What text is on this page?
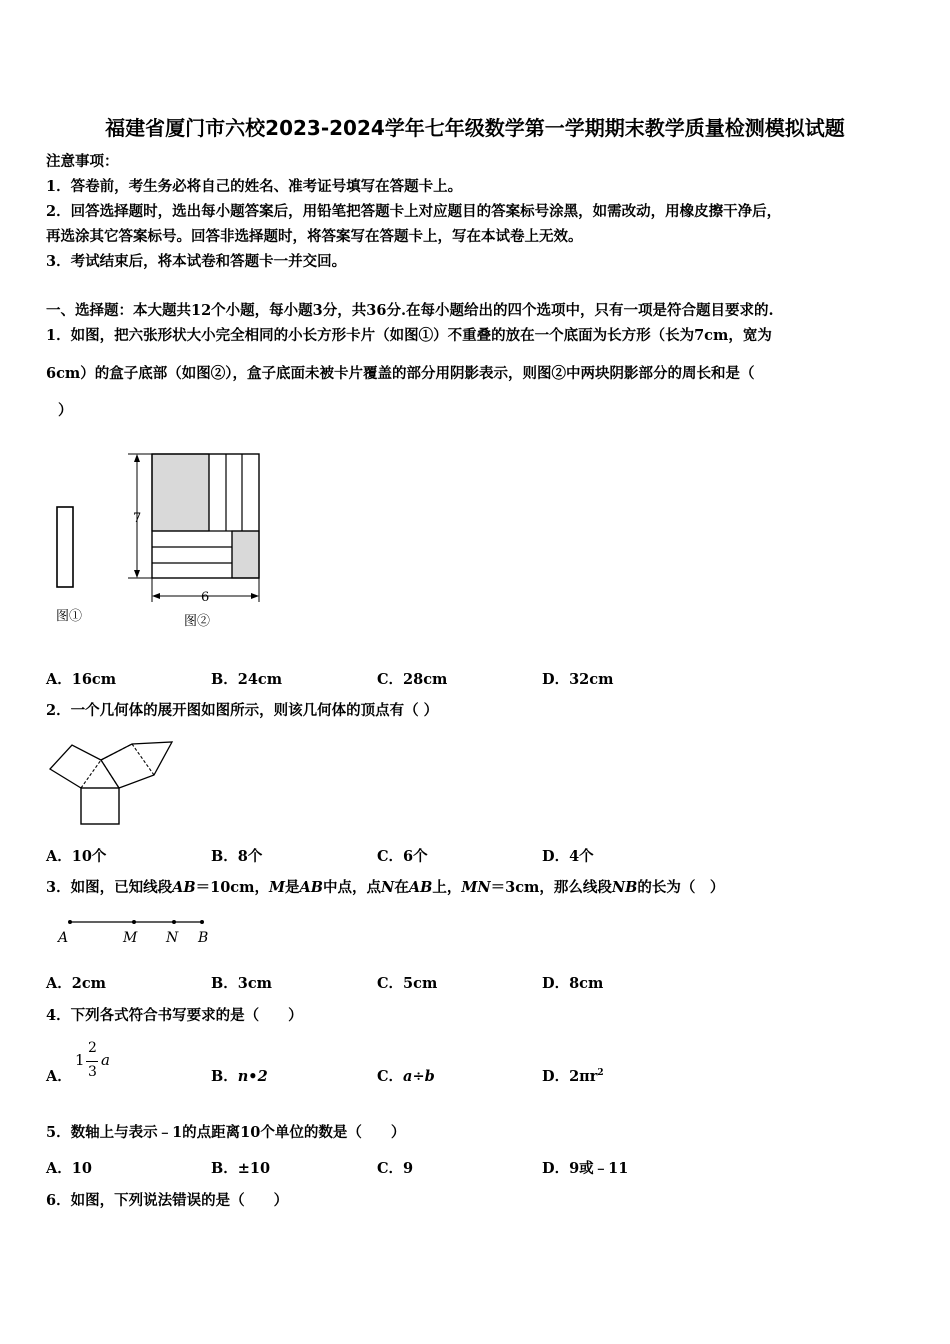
福建省厦门市六校2023-2024学年七年级数学第一学期期末教学质量检测模拟试题
注意事项：
1．答卷前，考生务必将自己的姓名、准考证号填写在答题卡上。
2．回答选择题时，选出每小题答案后，用铅笔把答题卡上对应题目的答案标号涂黑，如需改动，用橡皮擦干净后，
再选涂其它答案标号。回答非选择题时，将答案写在答题卡上，写在本试卷上无效。
3．考试结束后，将本试卷和答题卡一并交回。
一、选择题：本大题共12个小题，每小题3分，共36分.在每小题给出的四个选项中，只有一项是符合题目要求的.
1．如图，把六张形状大小完全相同的小长方形卡片（如图①）不重叠的放在一个底面为长方形（长为7cm，宽为
6cm）的盒子底部（如图②），盒子底面未被卡片覆盖的部分用阴影表示，则图②中两块阴影部分的周长和是（
）
7
6
图①	图②
A．16cm	B．24cm	C．28cm	D．32cm
2．一个几何体的展开图如图所示，则该几何体的顶点有（ ）
A．10个	B．8个	C．6个	D．4个
3．如图，已知线段AB＝10cm，M是AB中点，点N在AB上，MN＝3cm，那么线段NB的长为（　）
A	M N B
A．2cm	B．3cm	C．5cm	D．8cm
4．下列各式符合书写要求的是（　　）
A．
1
2
3
a
B．n•2	C．a÷b	D．$2\pi r^2$
5．数轴上与表示﹣1的点距离10个单位的数是（　　）
A．10	B．±10	C．9	D．9或﹣11
6．如图，下列说法错误的是（　　）
